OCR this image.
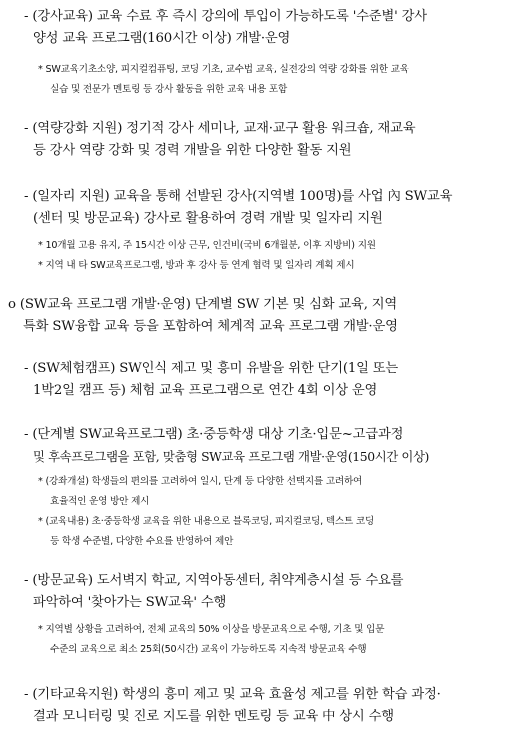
- (강사교육) 교육 수료 후 즉시 강의에 투입이 가능하도록 '수준별' 강사
양성 교육 프로그램(160시간 이상) 개발·운영
* SW교육기초소양, 피지컬컴퓨팅, 코딩 기초, 교수법 교육, 실전강의 역량 강화를 위한 교육
실습 및 전문가 멘토링 등 강사 활동을 위한 교육 내용 포함
- (역량강화 지원) 정기적 강사 세미나, 교재·교구 활용 워크숍, 재교육
등 강사 역량 강화 및 경력 개발을 위한 다양한 활동 지원
- (일자리 지원) 교육을 통해 선발된 강사(지역별 100명)를 사업 內 SW교육
(센터 및 방문교육) 강사로 활용하여 경력 개발 및 일자리 지원
* 10개월 고용 유지, 주 15시간 이상 근무, 인건비(국비 6개월분, 이후 지방비) 지원
* 지역 내 타 SW교육프로그램, 방과 후 강사 등 연계 협력 및 일자리 계획 제시
o (SW교육 프로그램 개발·운영) 단계별 SW 기본 및 심화 교육, 지역
특화 SW융합 교육 등을 포함하여 체계적 교육 프로그램 개발·운영
- (SW체험캠프) SW인식 제고 및 흥미 유발을 위한 단기(1일 또는
1박2일 캠프 등) 체험 교육 프로그램으로 연간 4회 이상 운영
- (단계별 SW교육프로그램) 초·중등학생 대상 기초·입문~고급과정
및 후속프로그램을 포함, 맞춤형 SW교육 프로그램 개발·운영(150시간 이상)
* (강좌개설) 학생들의 편의를 고려하여 일시, 단계 등 다양한 선택지를 고려하여
효율적인 운영 방안 제시
* (교육내용) 초·중등학생 교육을 위한 내용으로 블록코딩, 피지컬코딩, 텍스트 코딩
등 학생 수준별, 다양한 수요를 반영하여 제안
- (방문교육) 도서벽지 학교, 지역아동센터, 취약계층시설 등 수요를
파악하여 '찾아가는 SW교육' 수행
* 지역별 상황을 고려하여, 전체 교육의 50% 이상을 방문교육으로 수행, 기초 및 입문
수준의 교육으로 최소 25회(50시간) 교육이 가능하도록 지속적 방문교육 수행
- (기타교육지원) 학생의 흥미 제고 및 교육 효율성 제고를 위한 학습 과정·
결과 모니터링 및 진로 지도를 위한 멘토링 등 교육 中 상시 수행
